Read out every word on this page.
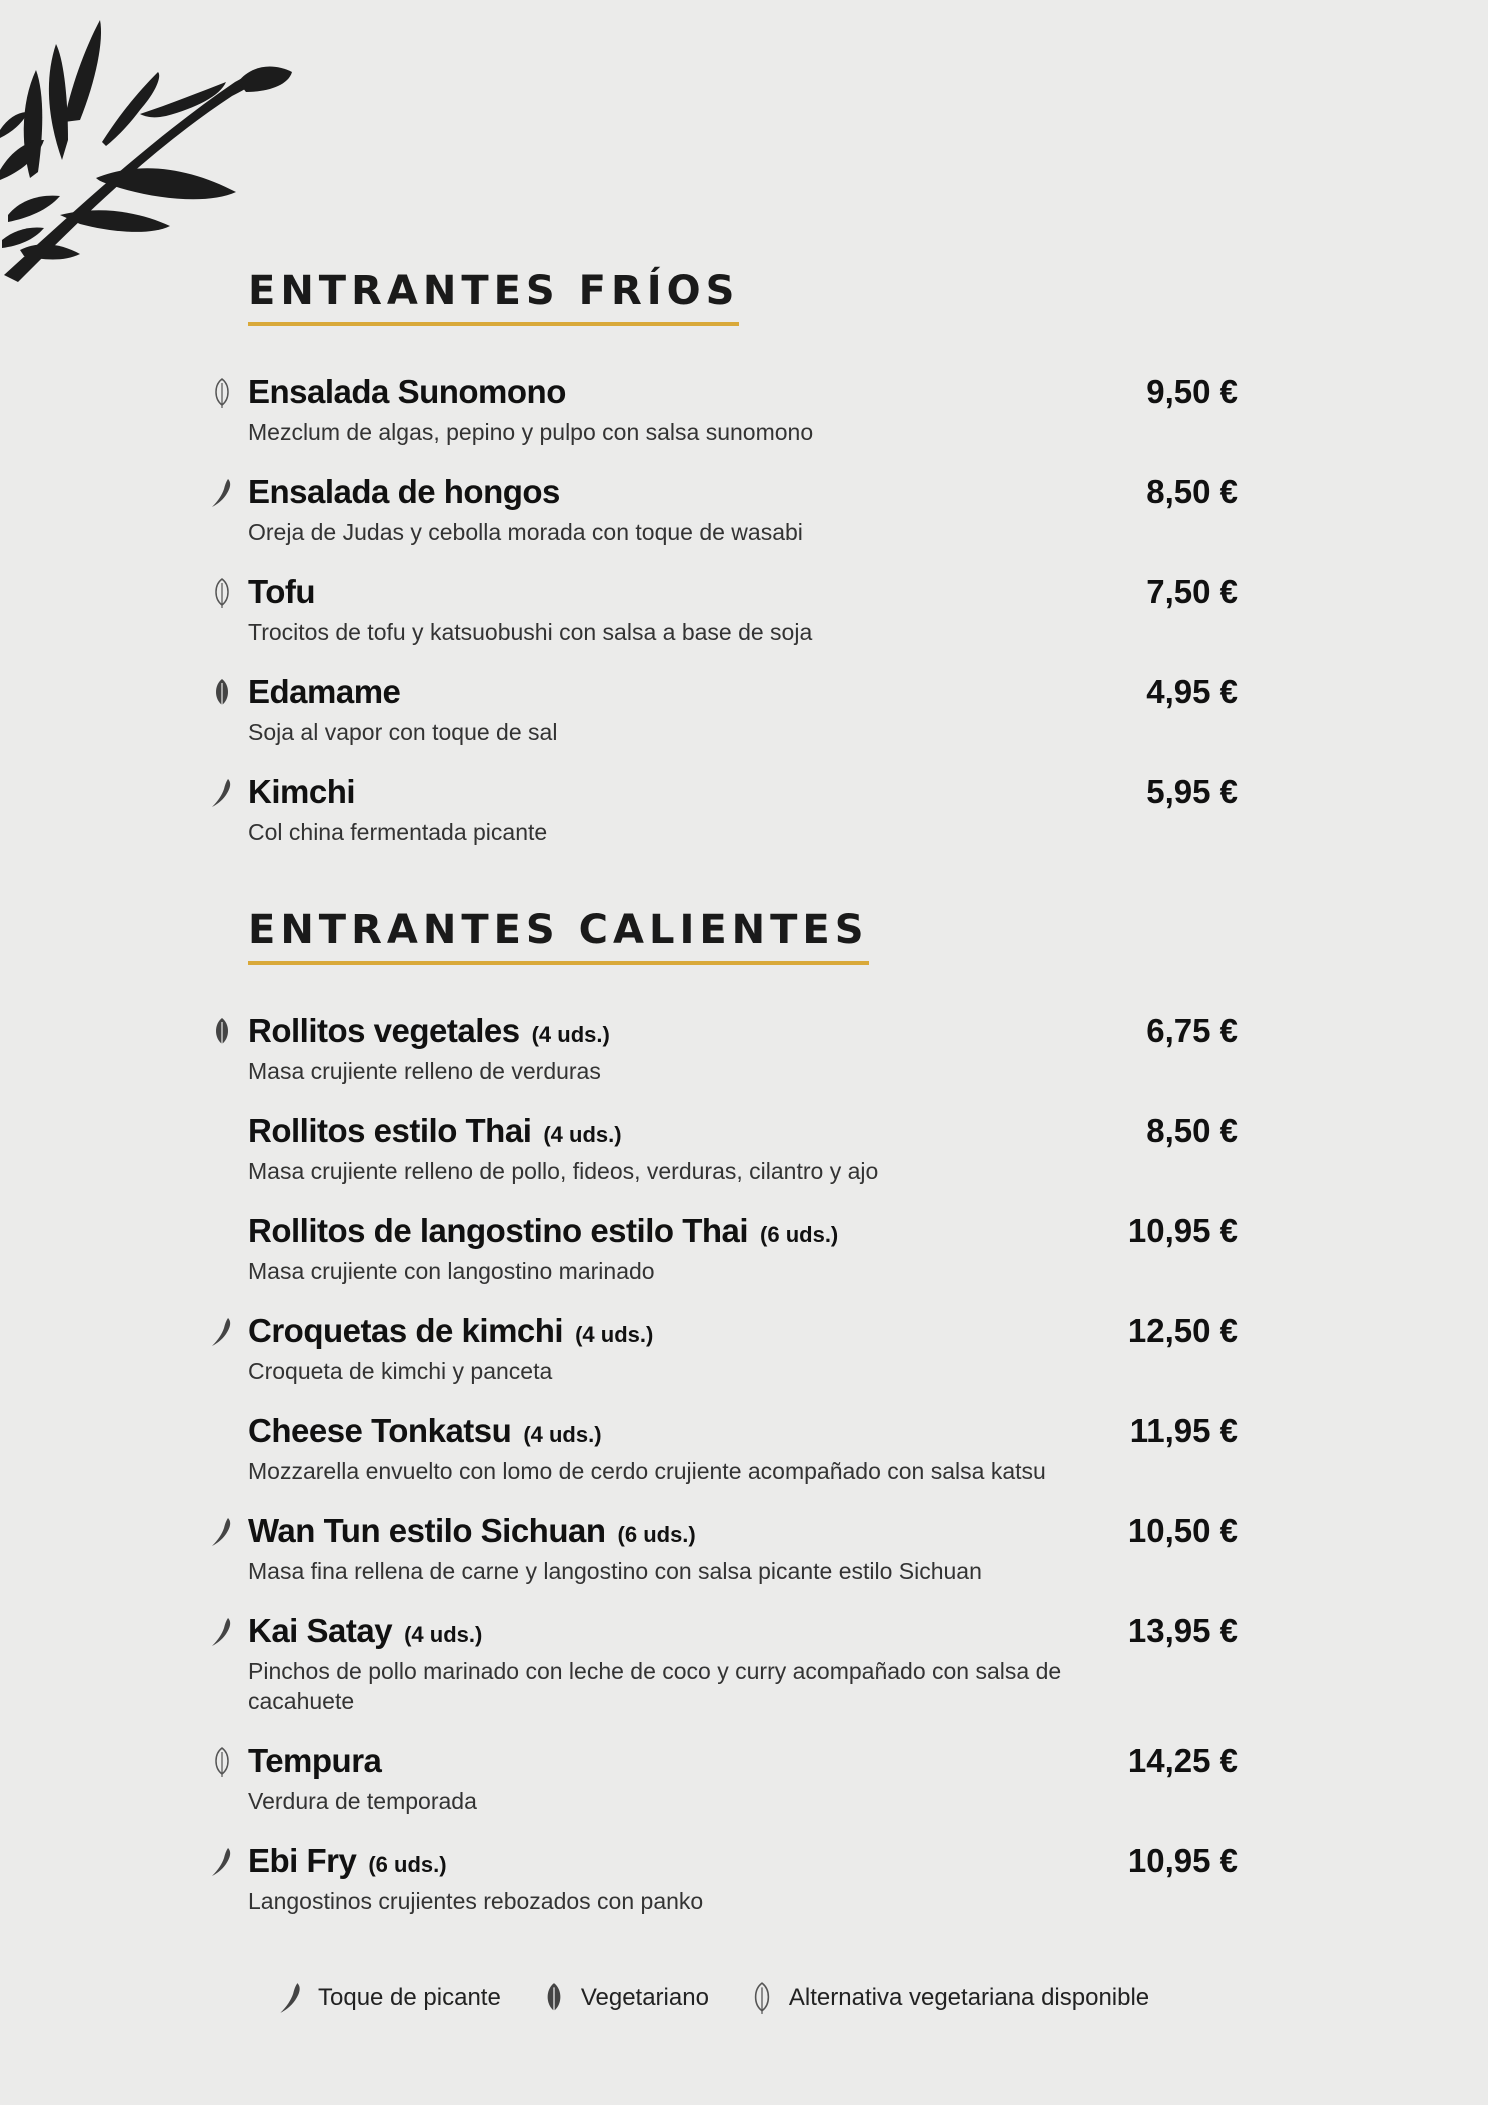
ENTRANTES FRÍOS
Ensalada Sunomono	9,50 €
Mezclum de algas, pepino y pulpo con salsa sunomono
Ensalada de hongos	8,50 €
Oreja de Judas y cebolla morada con toque de wasabi
Tofu	7,50 €
Trocitos de tofu y katsuobushi con salsa a base de soja
Edamame	4,95 €
Soja al vapor con toque de sal
Kimchi	5,95 €
Col china fermentada picante
ENTRANTES CALIENTES
Rollitos vegetales (4 uds.)	6,75 €
Masa crujiente relleno de verduras
Rollitos estilo Thai (4 uds.)	8,50 €
Masa crujiente relleno de pollo, fideos, verduras, cilantro y ajo
Rollitos de langostino estilo Thai (6 uds.)	10,95 €
Masa crujiente con langostino marinado
Croquetas de kimchi (4 uds.)	12,50 €
Croqueta de kimchi y panceta
Cheese Tonkatsu (4 uds.)	11,95 €
Mozzarella envuelto con lomo de cerdo crujiente acompañado con salsa katsu
Wan Tun estilo Sichuan (6 uds.)	10,50 €
Masa fina rellena de carne y langostino con salsa picante estilo Sichuan
Kai Satay (4 uds.)	13,95 €
Pinchos de pollo marinado con leche de coco y curry acompañado con salsa de cacahuete
Tempura	14,25 €
Verdura de temporada
Ebi Fry (6 uds.)	10,95 €
Langostinos crujientes rebozados con panko
Toque de picante	Vegetariano	Alternativa vegetariana disponible
